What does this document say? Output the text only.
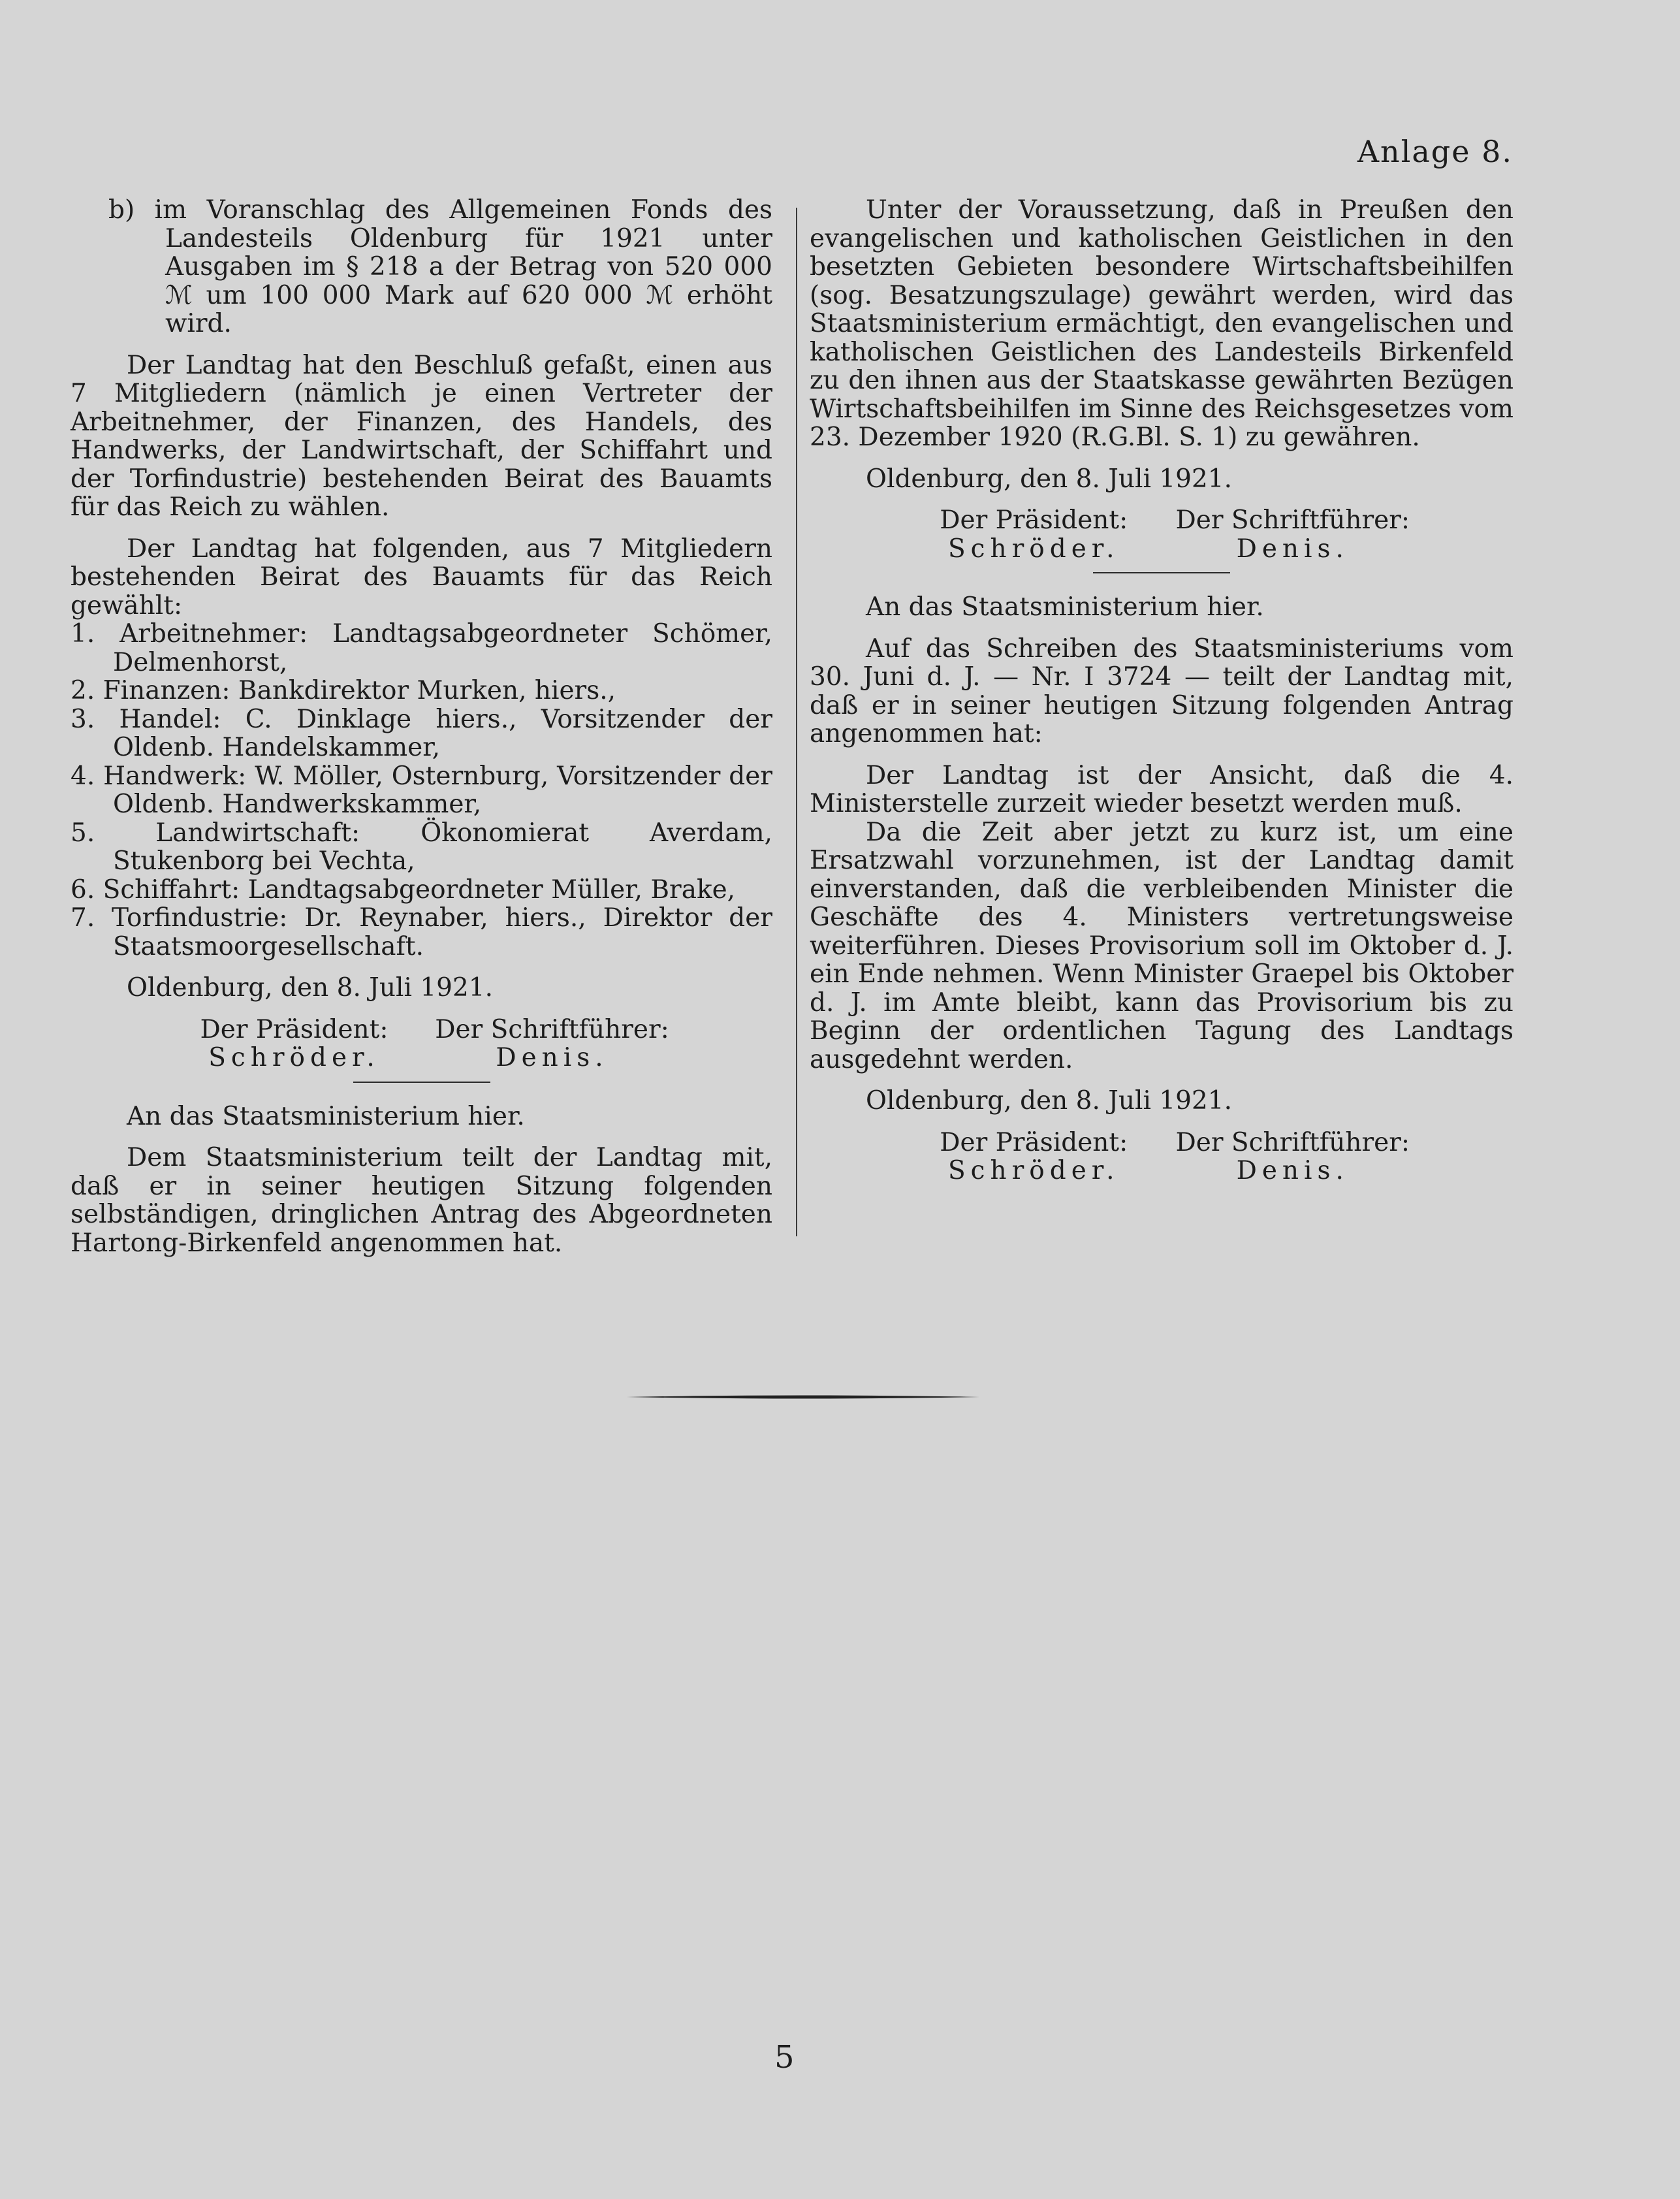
Anlage 8.

b) im Voranschlag des Allgemeinen Fonds des Landesteils Oldenburg für 1921 unter Ausgaben im § 218 a der Betrag von 520 000 ℳ um 100 000 Mark auf 620 000 ℳ erhöht wird.

Der Landtag hat den Beschluß gefaßt, einen aus 7 Mitgliedern (nämlich je einen Vertreter der Arbeitnehmer, der Finanzen, des Handels, des Handwerks, der Landwirtschaft, der Schiffahrt und der Torfindustrie) bestehenden Beirat des Bauamts für das Reich zu wählen.

Der Landtag hat folgenden, aus 7 Mitgliedern bestehenden Beirat des Bauamts für das Reich gewählt:

1. Arbeitnehmer: Landtagsabgeordneter Schömer, Delmenhorst,

2. Finanzen: Bankdirektor Murken, hiers.,

3. Handel: C. Dinklage hiers., Vorsitzender der Oldenb. Handelskammer,

4. Handwerk: W. Möller, Osternburg, Vorsitzender der Oldenb. Handwerkskammer,

5. Landwirtschaft: Ökonomierat Averdam, Stukenborg bei Vechta,

6. Schiffahrt: Landtagsabgeordneter Müller, Brake,

7. Torfindustrie: Dr. Reynaber, hiers., Direktor der Staatsmoorgesellschaft.

Oldenburg, den 8. Juli 1921.

Der Präsident:	Der Schriftführer:
Schröder.	Denis.

An das Staatsministerium hier.

Dem Staatsministerium teilt der Landtag mit, daß er in seiner heutigen Sitzung folgenden selbständigen, dringlichen Antrag des Abgeordneten Hartong-Birkenfeld angenommen hat.

Unter der Voraussetzung, daß in Preußen den evangelischen und katholischen Geistlichen in den besetzten Gebieten besondere Wirtschaftsbeihilfen (sog. Besatzungszulage) gewährt werden, wird das Staatsministerium ermächtigt, den evangelischen und katholischen Geistlichen des Landesteils Birkenfeld zu den ihnen aus der Staatskasse gewährten Bezügen Wirtschaftsbeihilfen im Sinne des Reichsgesetzes vom 23. Dezember 1920 (R.G.Bl. S. 1) zu gewähren.

Oldenburg, den 8. Juli 1921.

Der Präsident:	Der Schriftführer:
Schröder.	Denis.

An das Staatsministerium hier.

Auf das Schreiben des Staatsministeriums vom 30. Juni d. J. — Nr. I 3724 — teilt der Landtag mit, daß er in seiner heutigen Sitzung folgenden Antrag angenommen hat:

Der Landtag ist der Ansicht, daß die 4. Ministerstelle zurzeit wieder besetzt werden muß.

Da die Zeit aber jetzt zu kurz ist, um eine Ersatzwahl vorzunehmen, ist der Landtag damit einverstanden, daß die verbleibenden Minister die Geschäfte des 4. Ministers vertretungsweise weiterführen. Dieses Provisorium soll im Oktober d. J. ein Ende nehmen. Wenn Minister Graepel bis Oktober d. J. im Amte bleibt, kann das Provisorium bis zu Beginn der ordentlichen Tagung des Landtags ausgedehnt werden.

Oldenburg, den 8. Juli 1921.

Der Präsident:	Der Schriftführer:
Schröder.	Denis.
5
